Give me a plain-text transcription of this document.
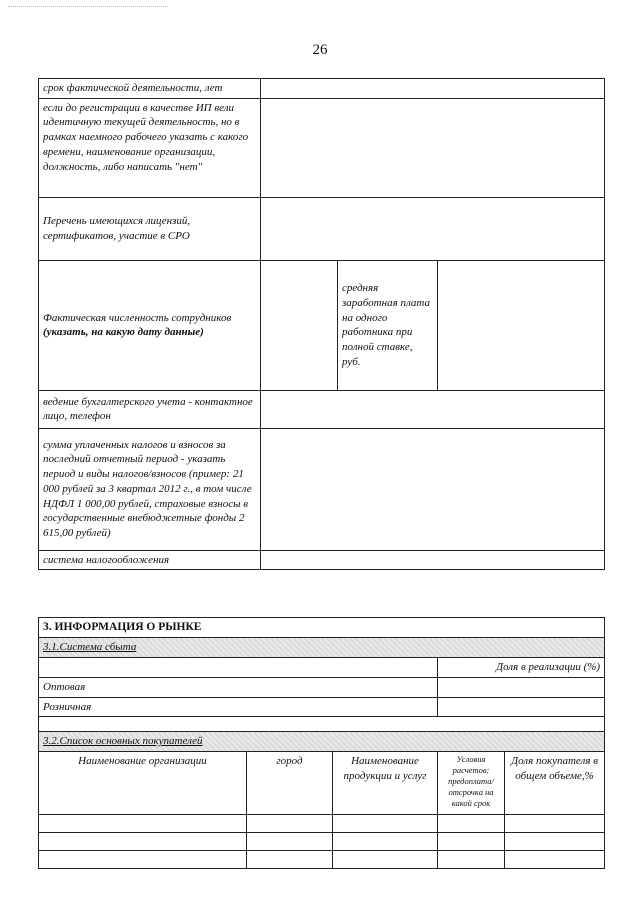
26
срок фактической деятельности, лет			
если до регистрации в качестве ИП вели идентичную текущей деятельность, но в рамках наемного рабочего указать с какого времени, наименование организации, должность, либо написать "нет"			
Перечень имеющихся лицензий, сертификатов, участие в СРО			
Фактическая численность сотрудников
(указать, на какую дату данные)		средняя заработная плата на одного работника при полной ставке, руб.	
ведение бухгалтерского учета - контактное лицо, телефон			
сумма уплаченных налогов и взносов за последний отчетный период - указать период и виды налогов/взносов (пример: 21 000 рублей за 3 квартал 2012 г., в том числе НДФЛ 1 000,00 рублей, страховые взносы в государственные внебюджетные фонды 2 615,00 рублей)			
система налогообложения			
3. ИНФОРМАЦИЯ О РЫНКЕ				
3.1.Система сбыта				
			Доля в реализации (%)	
Оптовая				
Розничная				

3.2.Список основных покупателей				
Наименование организации	город	Наименование продукции и услуг	Условия расчетов: предоплата/ отсрочка на какой срок	Доля покупателя в общем объеме,%
